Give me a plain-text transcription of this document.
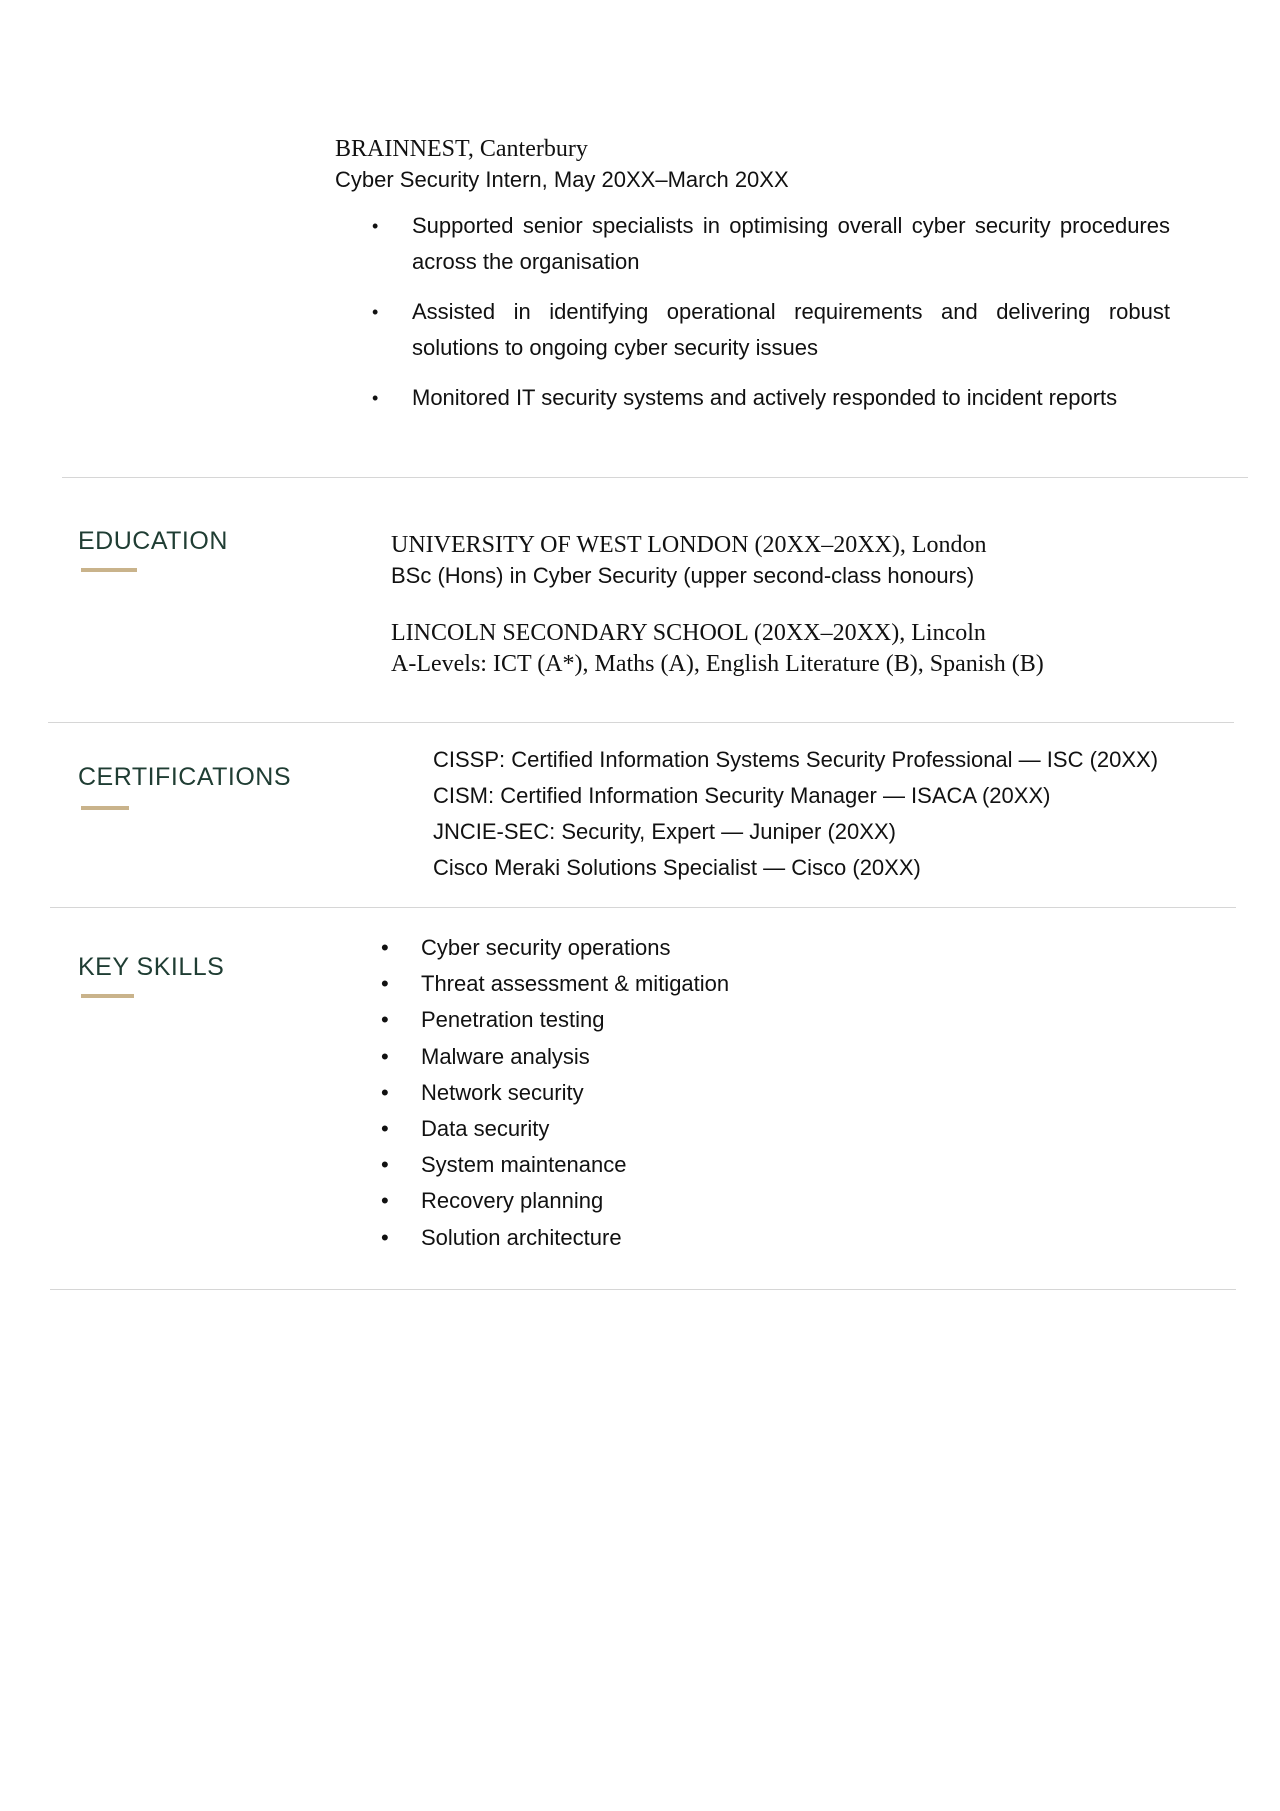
BRAINNEST, Canterbury
Cyber Security Intern, May 20XX–March 20XX
• Supported senior specialists in optimising overall cyber security procedures across the organisation
• Assisted in identifying operational requirements and delivering robust solutions to ongoing cyber security issues
• Monitored IT security systems and actively responded to incident reports
EDUCATION	UNIVERSITY OF WEST LONDON (20XX–20XX), London
BSc (Hons) in Cyber Security (upper second-class honours)
LINCOLN SECONDARY SCHOOL (20XX–20XX), Lincoln
A-Levels: ICT (A*), Maths (A), English Literature (B), Spanish (B)
CERTIFICATIONS
CISSP: Certified Information Systems Security Professional — ISC (20XX)
CISM: Certified Information Security Manager — ISACA (20XX)
JNCIE-SEC: Security, Expert — Juniper (20XX)
Cisco Meraki Solutions Specialist — Cisco (20XX)
KEY SKILLS
• Cyber security operations
• Threat assessment & mitigation
• Penetration testing
• Malware analysis
• Network security
• Data security
• System maintenance
• Recovery planning
• Solution architecture
